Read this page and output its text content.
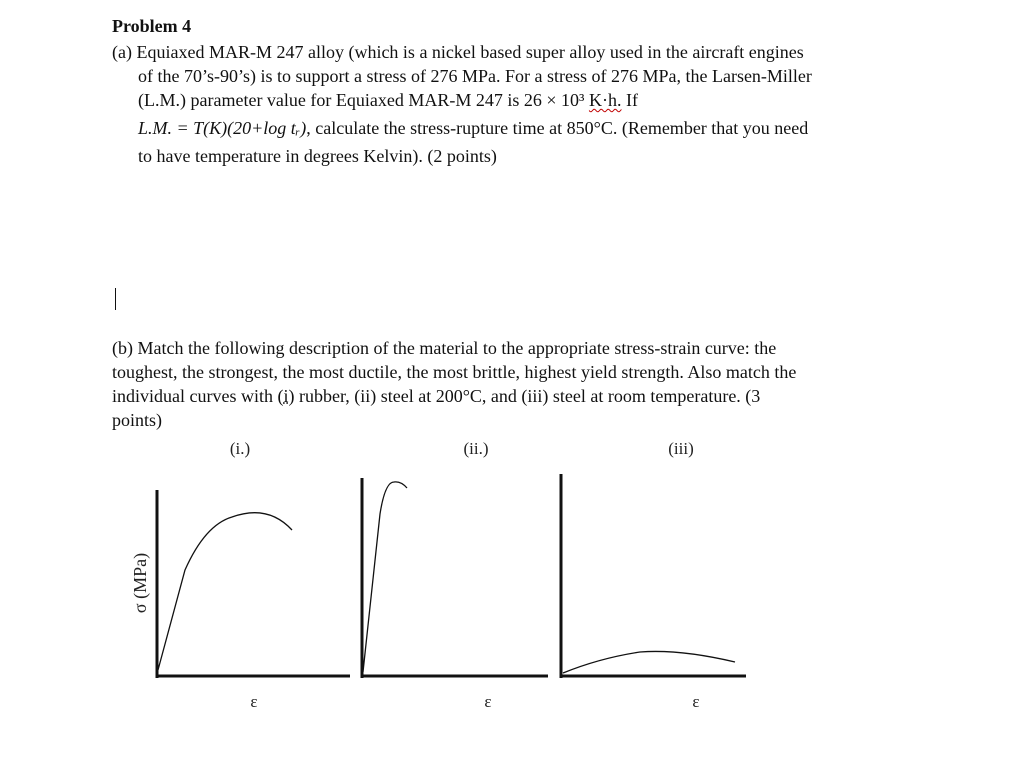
Problem 4
(a) Equiaxed MAR-M 247 alloy (which is a nickel based super alloy used in the aircraft engines
of the 70’s-90’s) is to support a stress of 276 MPa. For a stress of 276 MPa, the Larsen-Miller
(L.M.) parameter value for Equiaxed MAR-M 247 is 26 × 10³ K·h. If
L.M. = T(K)(20+log tᵣ), calculate the stress-rupture time at 850°C. (Remember that you need
to have temperature in degrees Kelvin). (2 points)
(b) Match the following description of the material to the appropriate stress-strain curve: the
toughest, the strongest, the most ductile, the most brittle, highest yield strength. Also match the
individual curves with (i) rubber, (ii) steel at 200°C, and (iii) steel at room temperature. (3
points)
(i.)	(ii.)	(iii)
σ (MPa)
ε	ε	ε
